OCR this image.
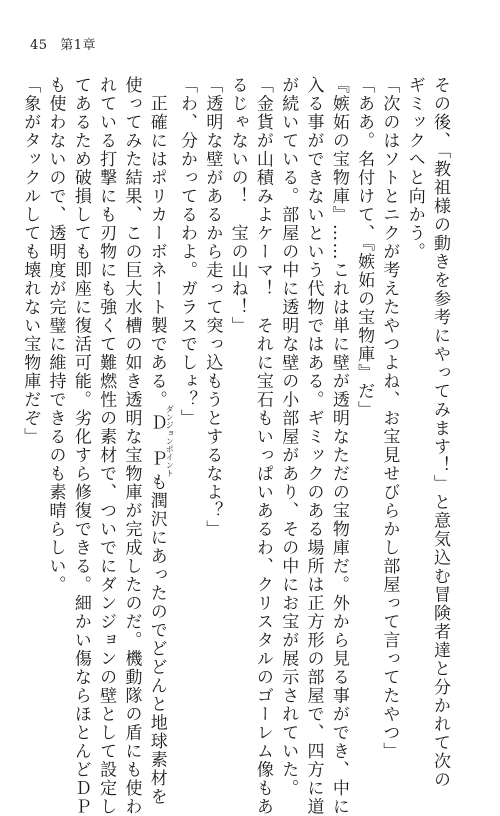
45 第1章
その後、「教祖様の動きを参考にやってみます！」と意気込む冒険者達と分かれて次の
ギミックへと向かう。
「次のはソトとニクが考えたやつよね、お宝見せびらかし部屋って言ってたやつ」
「ああ。名付けて、『嫉妬の宝物庫』だ」
『嫉妬の宝物庫』……これは単に壁が透明なただの宝物庫だ。外から見る事ができ、中に
入る事ができないという代物ではある。ギミックのある場所は正方形の部屋で、四方に道
が続いている。部屋の中に透明な壁の小部屋があり、その中にお宝が展示されていた。
「金貨が山積みよケーマ！　それに宝石もいっぱいあるわ、クリスタルのゴーレム像もあ
るじゃないの！　宝の山ね！」
「透明な壁があるから走って突っ込もうとするなよ？」
「わ、分かってるわよ。ガラスでしょ？」
　正確にはポリカーボネート製である。ＤＰダンジョンポイントも潤沢にあったのでどどんと地球素材を
使ってみた結果、この巨大水槽の如き透明な宝物庫が完成したのだ。機動隊の盾にも使わ
れている打撃にも刃物にも強くて難燃性の素材で、ついでにダンジョンの壁として設定し
てあるため破損しても即座に復活可能。劣化すら修復できる。細かい傷ならほとんどＤＰ
も使わないので、透明度が完璧に維持できるのも素晴らしい。
「象がタックルしても壊れない宝物庫だぞ」
